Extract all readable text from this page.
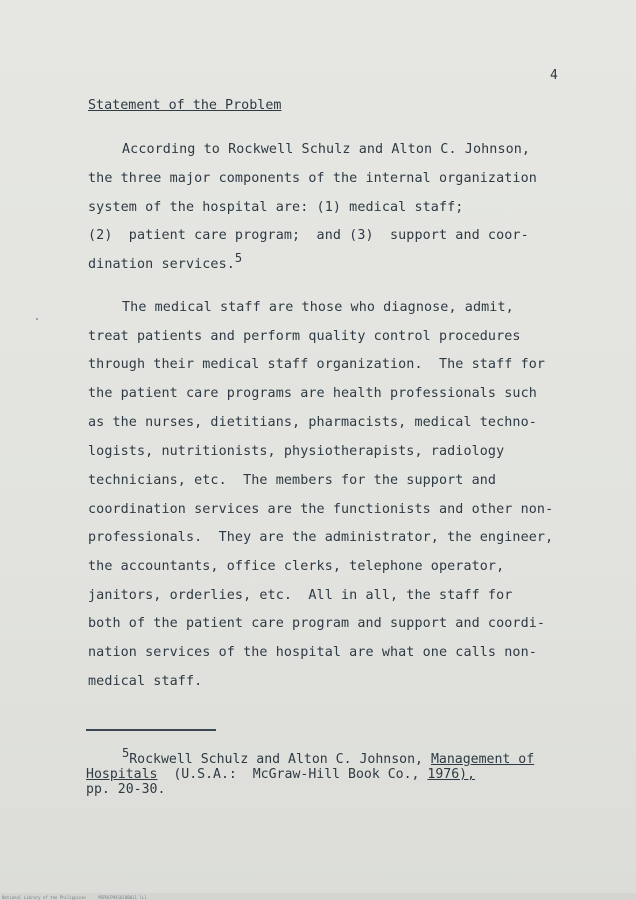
4
Statement of the Problem
According to Rockwell Schulz and Alton C. Johnson,
the three major components of the internal organization
system of the hospital are: (1) medical staff;
(2)  patient care program;  and (3)  support and coor-
dination services.$^5$
The medical staff are those who diagnose, admit,
treat patients and perform quality control procedures
through their medical staff organization.  The staff for
the patient care programs are health professionals such
as the nurses, dietitians, pharmacists, medical techno-
logists, nutritionists, physiotherapists, radiology
technicians, etc.  The members for the support and
coordination services are the functionists and other non-
professionals.  They are the administrator, the engineer,
the accountants, office clerks, telephone operator,
janitors, orderlies, etc.  All in all, the staff for
both of the patient care program and support and coordi-
nation services of the hospital are what one calls non-
medical staff.
$^5$Rockwell Schulz and Alton C. Johnson, Management of
Hospitals  (U.S.A.:  McGraw-Hill Book Co., 1976),
pp. 20-30.
National Library of the Philippines     MSPDCP9410100011 lil
